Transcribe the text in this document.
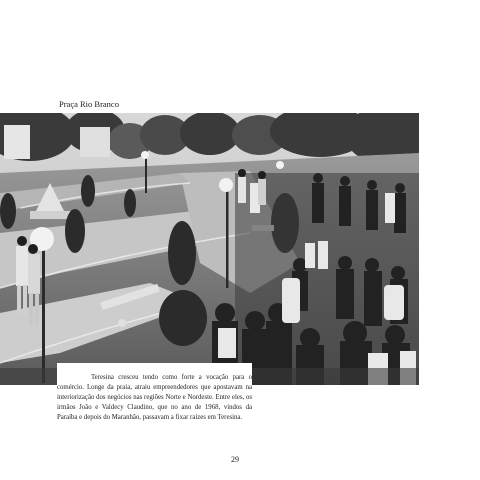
Praça Rio Branco

Teresina cresceu tendo como forte a vocação para o comércio. Longe da praia, atraiu empreendedores que apostavam na interiorização dos negócios nas regiões Norte e Nordeste. Entre eles, os irmãos João e Valdecy Claudino, que no ano de 1968, vindos da Paraíba e depois do Maranhão, passavam a fixar raízes em Teresina.

29
